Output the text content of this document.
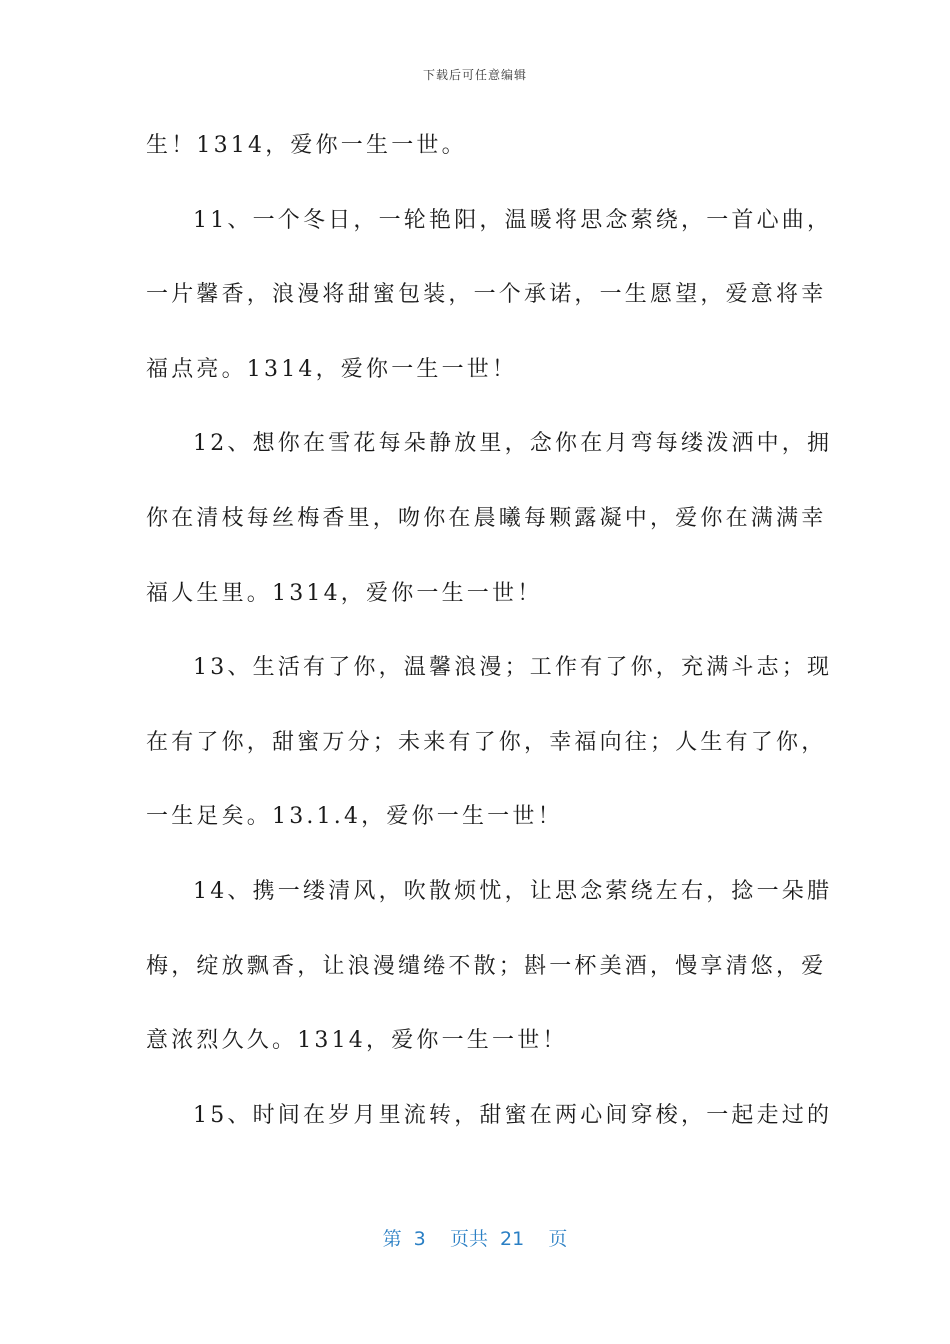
下载后可任意编辑
生！1314，爱你一生一世。
11、一个冬日，一轮艳阳，温暖将思念萦绕，一首心曲，
一片馨香，浪漫将甜蜜包装，一个承诺，一生愿望，爱意将幸
福点亮。1314，爱你一生一世！
12、想你在雪花每朵静放里，念你在月弯每缕泼洒中，拥
你在清枝每丝梅香里，吻你在晨曦每颗露凝中，爱你在满满幸
福人生里。1314，爱你一生一世！
13、生活有了你，温馨浪漫；工作有了你，充满斗志；现
在有了你，甜蜜万分；未来有了你，幸福向往；人生有了你，
一生足矣。13.1.4，爱你一生一世！
14、携一缕清风，吹散烦忧，让思念萦绕左右，捻一朵腊
梅，绽放飘香，让浪漫缱绻不散；斟一杯美酒，慢享清悠，爱
意浓烈久久。1314，爱你一生一世！
15、时间在岁月里流转，甜蜜在两心间穿梭，一起走过的
第 3 页共 21 页
